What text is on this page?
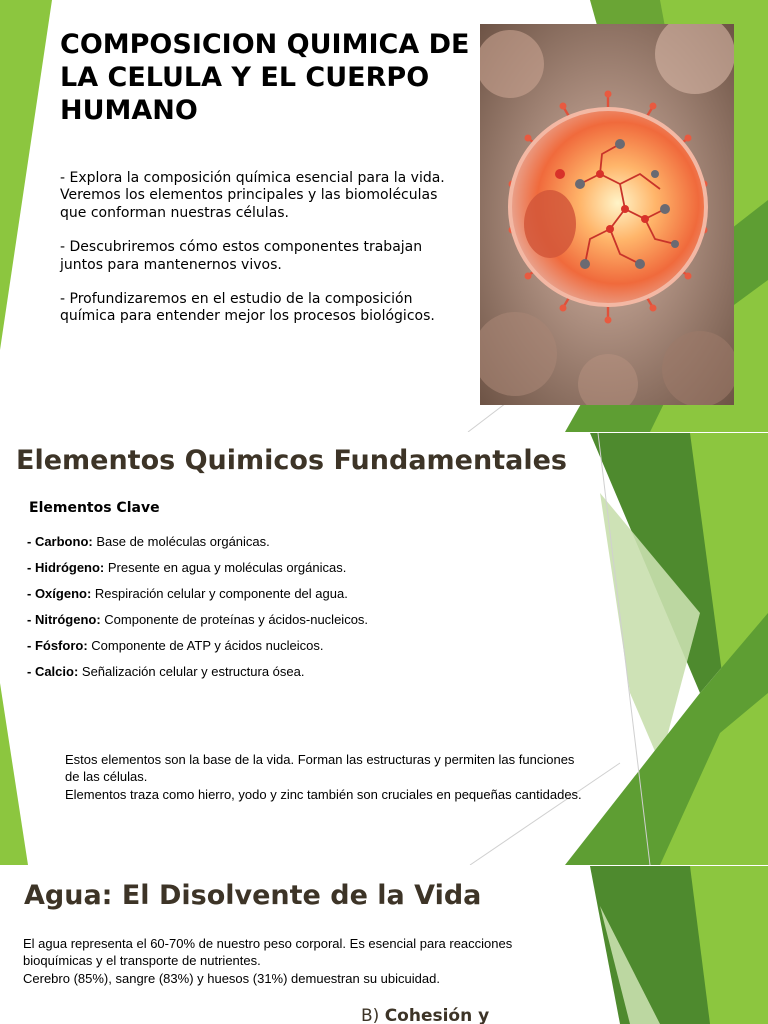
COMPOSICION QUIMICA DE LA CELULA Y EL CUERPO HUMANO

- Explora la composición química esencial para la vida.
Veremos los elementos principales y las biomoléculas que conforman nuestras células.

- Descubriremos cómo estos componentes trabajan juntos para mantenernos vivos.

- Profundizaremos en el estudio de la composición química para entender mejor los procesos biológicos.

Elementos Quimicos Fundamentales
Elementos Clave
- Carbono: Base de moléculas orgánicas.
- Hidrógeno: Presente en agua y moléculas orgánicas.
- Oxígeno: Respiración celular y componente del agua.
- Nitrógeno: Componente de proteínas y ácidos-nucleicos.
- Fósforo: Componente de ATP y ácidos nucleicos.
- Calcio: Señalización celular y estructura ósea.
Estos elementos son la base de la vida. Forman las estructuras y permiten las funciones de las células.
Elementos traza como hierro, yodo y zinc también son cruciales en pequeñas cantidades.
Agua: El Disolvente de la Vida
El agua representa el 60-70% de nuestro peso corporal. Es esencial para reacciones bioquímicas y el transporte de nutrientes.
Cerebro (85%), sangre (83%) y huesos (31%) demuestran su ubicuidad.
B) Cohesión y
